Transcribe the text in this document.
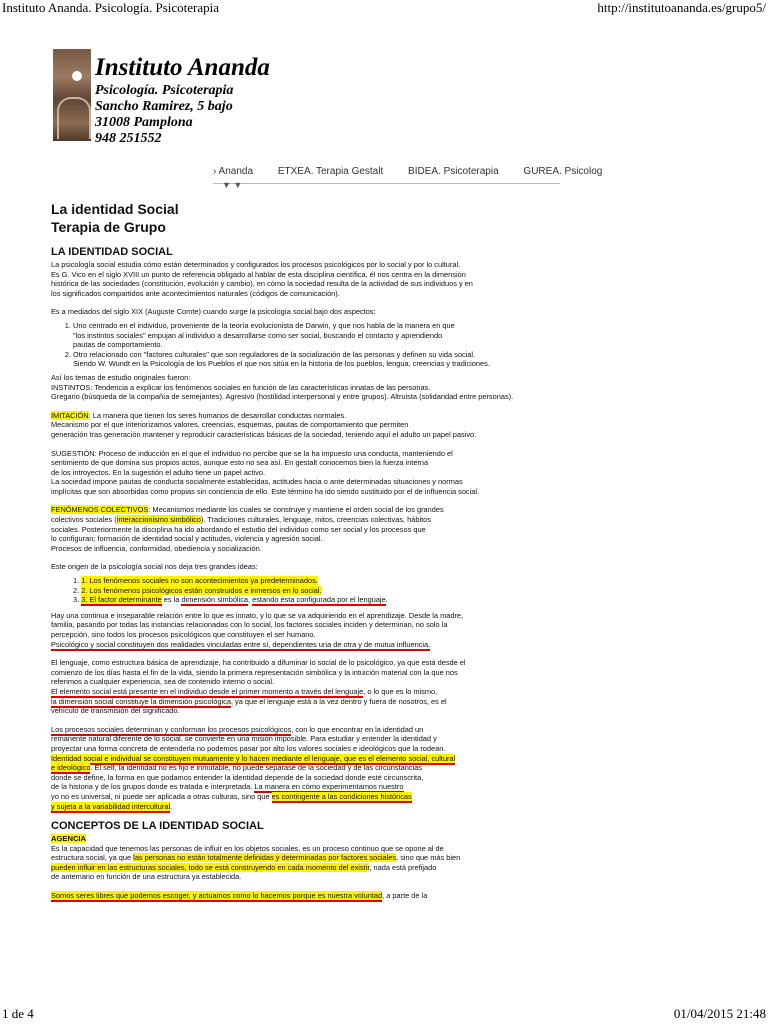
Instituto Ananda. Psicología. Psicoterapia	http://institutoananda.es/grupo5/
Instituto Ananda
Psicología. Psicoterapia
Sancho Ramirez, 5 bajo
31008 Pamplona
948 251552
› Ananda ETXEA. Terapia Gestalt BIDEA. Psicoterapia GUREA. Psicolog
▼ ▼
La identidad Social
Terapia de Grupo
LA IDENTIDAD SOCIAL

La psicología social estudia cómo están determinados y configurados los procesos psicológicos por lo social y por lo cultural.
Es G. Vico en el siglo XVIII un punto de referencia obligado al hablar de esta disciplina científica, él nos centra en la dimensión
histórica de las sociedades (constitución, evolución y cambio), en cómo la sociedad resulta de la actividad de sus individuos y en
los significados compartidos ante acontecimientos naturales (códigos de comunicación).

Es a mediados del siglo XIX (Auguste Comte) cuando surge la psicología social bajo dos aspectos:

1. Uno centrado en el individuo, proveniente de la teoría evolucionista de Darwin, y que nos habla de la manera en que
"los instintos sociales" empujan al individuo a desarrollarse como ser social, buscando el contacto y aprendiendo
pautas de comportamiento.
2. Otro relacionado con "factores culturales" que son reguladores de la socialización de las personas y definen su vida social.
Siendo W. Wundt en la Psicología de los Pueblos el que nos sitúa en la historia de los pueblos, lengua, creencias y tradiciones.

Así los temas de estudio originales fueron:
INSTINTOS: Tendencia a explicar los fenómenos sociales en función de las características innatas de las personas.
Gregario (búsqueda de la compañía de semejantes). Agresivo (hostilidad interpersonal y entre grupos). Altruista (solidaridad entre personas).

IMITACIÓN: La manera que tienen los seres humanos de desarrollar conductas normales.
Mecanismo por el que interiorizamos valores, creencias, esquemas, pautas de comportamiento que permiten
generación tras generación mantener y reproducir características básicas de la sociedad, teniendo aquí el adulto un papel pasivo.

SUGESTIÓN: Proceso de inducción en el que el individuo no percibe que se la ha impuesto una conducta, manteniendo el
sentimiento de que domina sus propios actos, aunque esto no sea así. En gestalt conocemos bien la fuerza interna
de los introyectos. En la sugestión el adulto tiene un papel activo.
La sociedad impone pautas de conducta socialmente establecidas, actitudes hacia o ante determinadas situaciones y normas
implícitas que son absorbidas como propias sin conciencia de ello. Este término ha ido siendo sustituido por el de influencia social.

FENÓMENOS COLECTIVOS: Mecanismos mediante los cuales se construye y mantiene el orden social de los grandes
colectivos sociales (interaccionismo simbólico). Tradiciones culturales, lenguaje, mitos, creencias colectivas, hábitos
sociales. Posteriormente la disciplina ha ido abordando el estudio del individuo como ser social y los procesos que
lo configuran; formación de identidad social y actitudes, violencia y agresión social.
Procesos de influencia, conformidad, obediencia y socialización.

Este origen de la psicología social nos deja tres grandes ideas:

1. 1. Los fenómenos sociales no son acontecimientos ya predeterminados.
2. 2. Los fenómenos psicológicos están construidos e inmersos en lo social.
3. 3. El factor determinante es la dimensión simbólica, estando ésta configurada por el lenguaje.

Hay una continua e inseparable relación entre lo que es innato, y lo que se va adquiriendo en el aprendizaje. Desde la madre,
familia, pasando por todas las instancias relacionadas con lo social, los factores sociales inciden y determinan, no solo la
percepción, sino todos los procesos psicológicos que constituyen el ser humano.
Psicológico y social constituyen dos realidades vinculadas entre sí, dependientes una de otra y de mutua influencia.

El lenguaje, como estructura básica de aprendizaje, ha contribuido a difuminar lo social de lo psicológico, ya que está desde el
comienzo de los días hasta el fin de la vida, siendo la primera representación simbólica y la intuición material con la que nos
referimos a cualquier experiencia, sea de contenido interno o social.
El elemento social está presente en el individuo desde el primer momento a través del lenguaje, o lo que es lo mismo,
la dimensión social constituye la dimensión psicológica, ya que el lenguaje está a la vez dentro y fuera de nosotros, es el
vehículo de transmisión del significado.

Los procesos sociales determinan y conforman los procesos psicológicos, con lo que encontrar en la identidad un
remanente natural diferente de lo social, se convierte en una misión imposible. Para estudiar y entender la identidad y
proyectar una forma concreta de entenderla no podemos pasar por alto los valores sociales e ideológicos que la rodean.
Identidad social e individual se constituyen mutuamente y lo hacen mediante el lenguaje, que es el elemento social, cultural
e ideológico. El self, la identidad no es fijo e inmutable, no puede separase de la sociedad y de las circunstancias
donde se define, la forma en que podamos entender la identidad depende de la sociedad donde esté circunscrita,
de la historia y de los grupos donde es tratada e interpretada. La manera en cómo experimentamos nuestro
yo no es universal, ni puede ser aplicada a otras culturas, sino que es contingente a las condiciones históricas
y sujeta a la variabilidad intercultural.

CONCEPTOS DE LA IDENTIDAD SOCIAL
AGENCIA

Es la capacidad que tenemos las personas de influir en los objetos sociales, es un proceso continuo que se opone al de
estructura social, ya que las personas no están totalmente definidas y determinadas por factores sociales, sino que más bien
pueden influir en las estructuras sociales, todo se está construyendo en cada momento del existir, nada está prefijado
de antemano en función de una estructura ya establecida.

Somos seres libres que podemos escoger, y actuamos como lo hacemos porque es nuestra voluntad, a parte de la

1 de 4	01/04/2015 21:48
